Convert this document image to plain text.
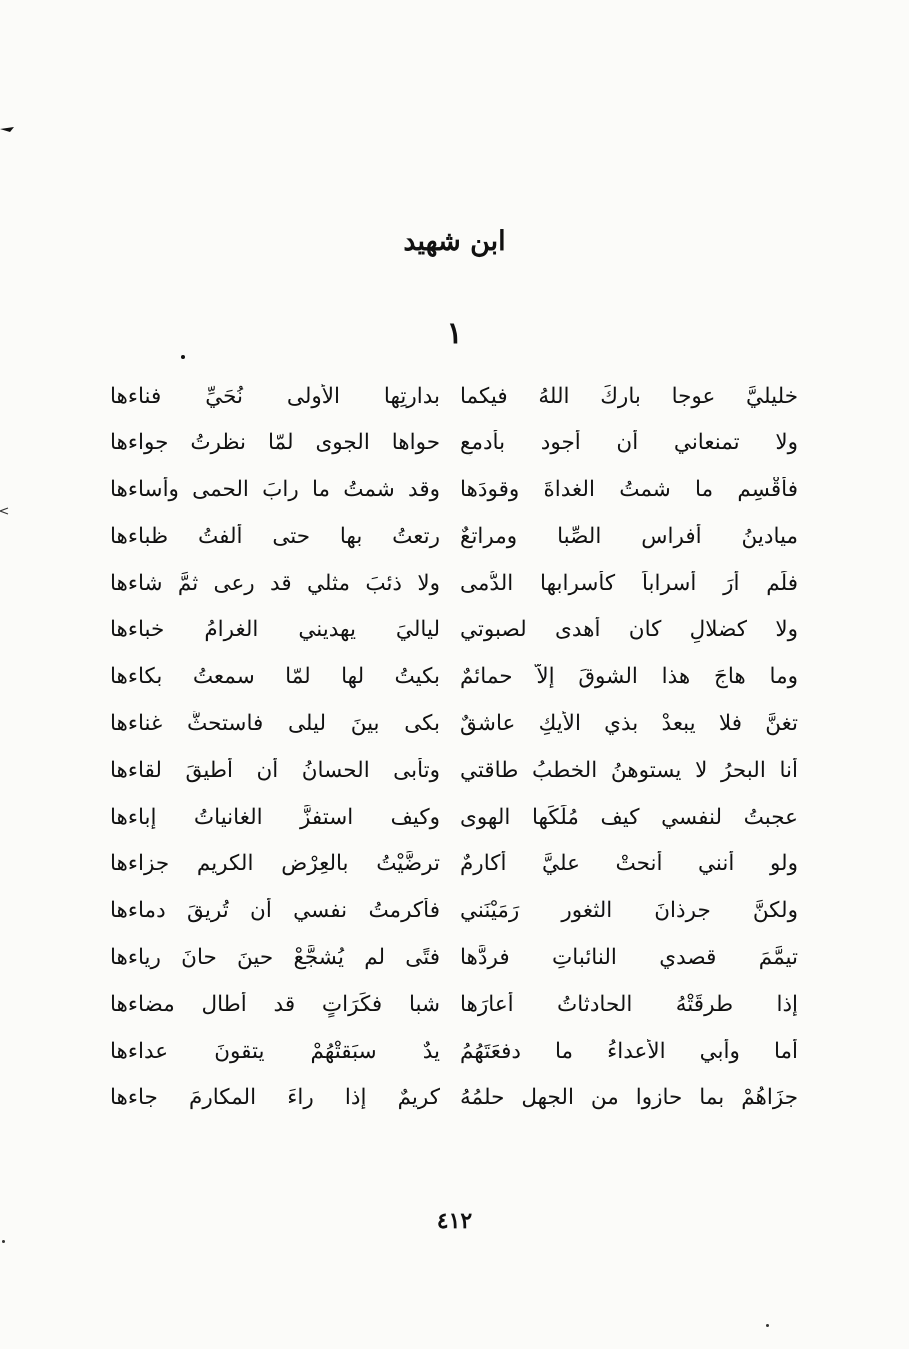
ابن شهيد
١
خليليَّ عوجا باركَ اللهُ فيكما
بدارتِها الأولى نُحَيِّ فناءها
ولا تمنعاني أن أجود بأدمعٍ
حواها الجوى لمّا نظرتُ جواءها
فأقْسِمِ ما شمتُ الغداةَ وقودَها
وقد شمتُ ما رابَ الحمى وأساءها
ميادينُ أفراس الصِّبا ومراتعٌ
رتعتُ بها حتى ألفتُ ظباءها
فلَم أرَ أسراباً كأسرابها الدُّمى
ولا ذئبَ مثلي قد رعى ثمَّ شاءها
ولا كضلالٍ كان أهدى لصبوتي
لياليَ يهديني الغرامُ خباءها
وما هاجَ هذا الشوقَ إلاّ حمائمٌ
بكيتُ لها لمّا سمعتُ بكاءها
تغنَّ فلا يبعدْ بذي الأيكِ عاشقٌ
بكى بينَ ليلى فاستحثَّ غناءها
أنا البحرُ لا يستوهنُ الخطبُ طاقتي
وتأبى الحسانُ أن أُطيقَ لقاءها
عجبتُ لنفسي كيف مُلِّكَها الهوى
وكيف استفزَّ الغانياتُ إباءها
ولو أنني أنحتْ عليَّ أكارمٌ
ترضَّيْتُ بالعِرْضِ الكريمِ جزاءها
ولكنَّ جرذانَ الثغور رَمَيْنَني
فأكرمتُ نفسي أن تُريقَ دماءها
تيمَّمَ قصدي النائباتِ فردَّها
فتًى لم يُشجَّعْ حينَ حانَ رياءها
إذا طرقَتْهُ الحادثاتُ أعارَها
شبا فكَرَاتٍ قد أطال مضاءها
أما وأبي الأعداءُ ما دفعَتَهُمُ
يدٌ سبَقتْهُمْ يتقونَ عداءها
جزَاهُمْ بما حازوا من الجهل حلمُهُ
كريمٌ إذا راءَ المكارمَ جاءها
٤١٢
